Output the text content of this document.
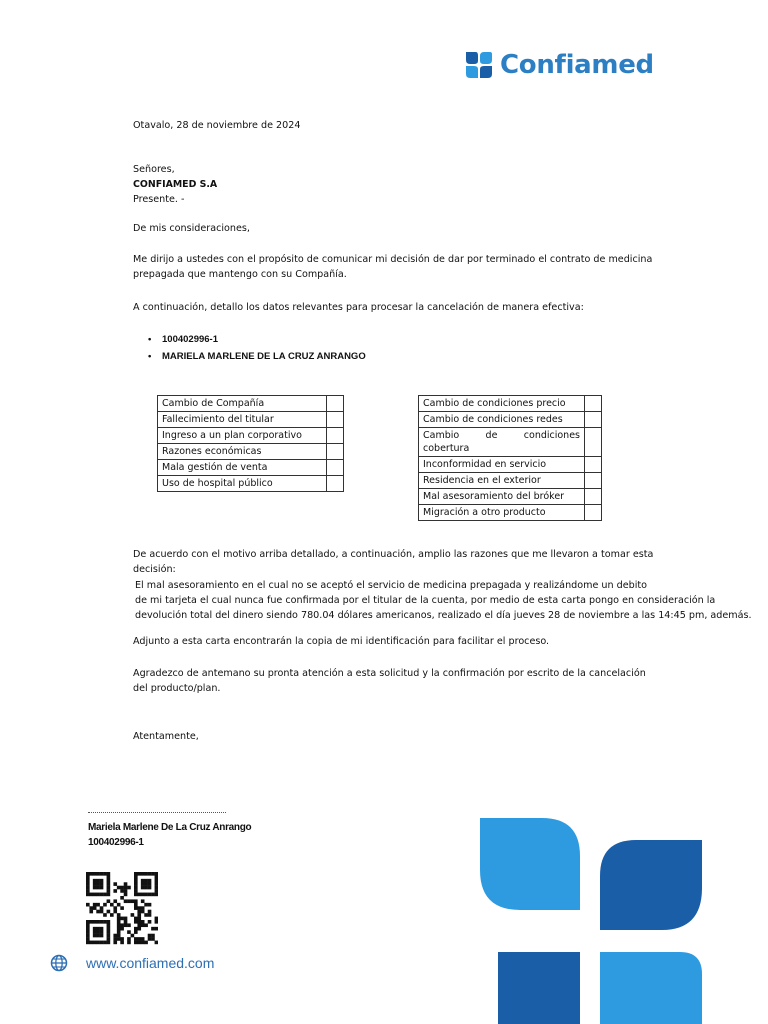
Confiamed
Otavalo, 28 de noviembre de 2024
Señores,
CONFIAMED S.A
Presente. -
De mis consideraciones,
Me dirijo a ustedes con el propósito de comunicar mi decisión de dar por terminado el contrato de medicina
prepagada que mantengo con su Compañía.
A continuación, detallo los datos relevantes para procesar la cancelación de manera efectiva:
• 100402996-1
• MARIELA MARLENE DE LA CRUZ ANRANGO
Cambio de Compañía	
Fallecimiento del titular	
Ingreso a un plan corporativo	
Razones económicas	
Mala gestión de venta	
Uso de hospital público	
Cambio de condiciones precio	
Cambio de condiciones redes	

Cambio de condiciones
cobertura	

Inconformidad en servicio	
Residencia en el exterior	
Mal asesoramiento del bróker	
Migración a otro producto	
De acuerdo con el motivo arriba detallado, a continuación, amplio las razones que me llevaron a tomar esta
decisión:
El mal asesoramiento en el cual no se aceptó el servicio de medicina prepagada y realizándome un debito
de mi tarjeta el cual nunca fue confirmada por el titular de la cuenta, por medio de esta carta pongo en consideración la
devolución total del dinero siendo 780.04 dólares americanos, realizado el día jueves 28 de noviembre a las 14:45 pm, además.
Adjunto a esta carta encontrarán la copia de mi identificación para facilitar el proceso.
Agradezco de antemano su pronta atención a esta solicitud y la confirmación por escrito de la cancelación
del producto/plan.
Atentamente,
Mariela Marlene De La Cruz Anrango
100402996-1
www.confiamed.com
